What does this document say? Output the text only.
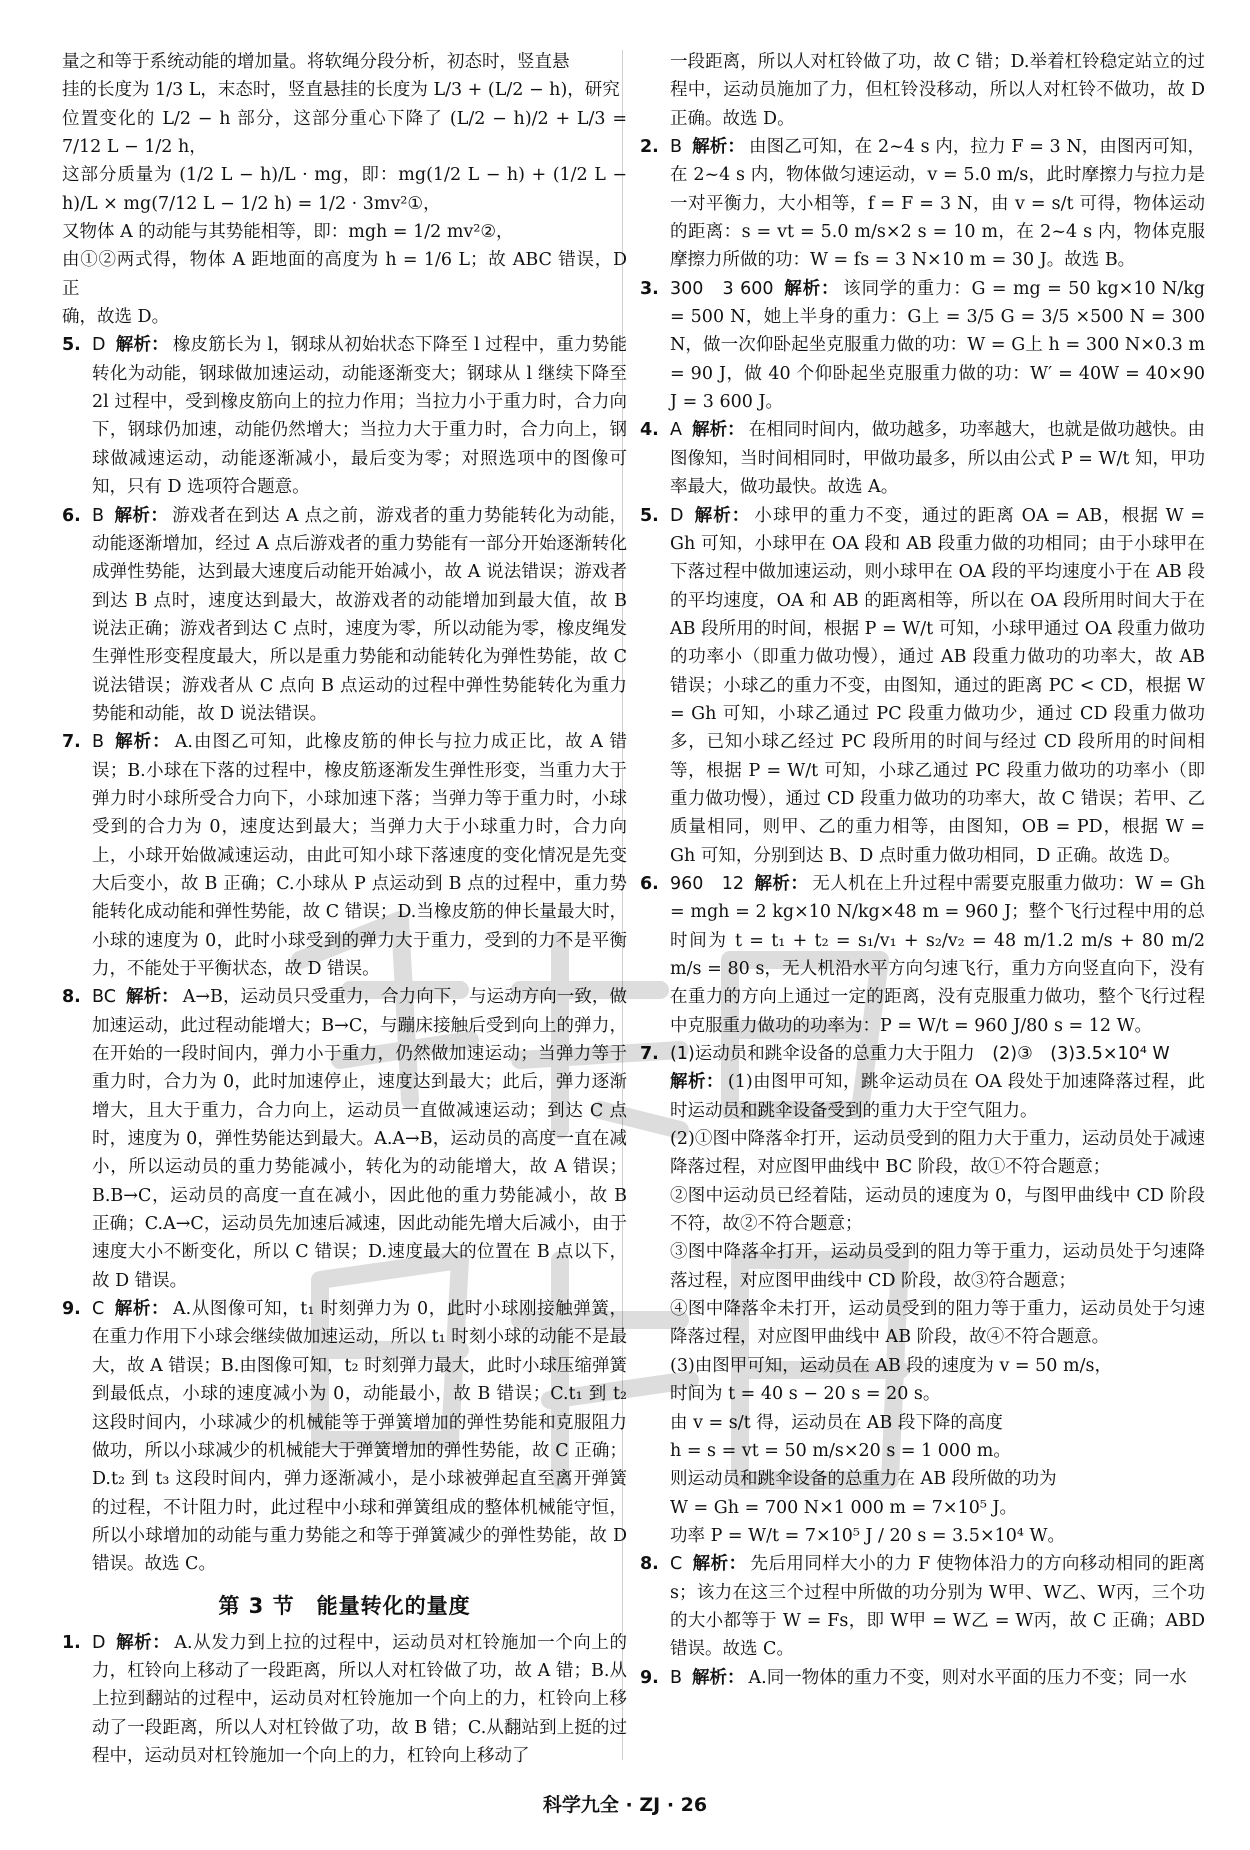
量之和等于系统动能的增加量。将软绳分段分析，初态时，竖直悬

挂的长度为 1/3 L，末态时，竖直悬挂的长度为 L/3 + (L/2 − h)，研究

位置变化的 L/2 − h 部分，这部分重心下降了 (L/2 − h)/2 + L/3 = 7/12 L − 1/2 h，

这部分质量为 (1/2 L − h)/L · mg，即：mg(1/2 L − h) + (1/2 L − h)/L × mg(7/12 L − 1/2 h) = 1/2 · 3mv²①，

又物体 A 的动能与其势能相等，即：mgh = 1/2 mv²②，

由①②两式得，物体 A 距地面的高度为 h = 1/6 L；故 ABC 错误，D 正

确，故选 D。

5. D 解析： 橡皮筋长为 l，钢球从初始状态下降至 l 过程中，重力势能转化为动能，钢球做加速运动，动能逐渐变大；钢球从 l 继续下降至 2l 过程中，受到橡皮筋向上的拉力作用；当拉力小于重力时，合力向下，钢球仍加速，动能仍然增大；当拉力大于重力时，合力向上，钢球做减速运动，动能逐渐减小，最后变为零；对照选项中的图像可知，只有 D 选项符合题意。
6. B 解析： 游戏者在到达 A 点之前，游戏者的重力势能转化为动能，动能逐渐增加，经过 A 点后游戏者的重力势能有一部分开始逐渐转化成弹性势能，达到最大速度后动能开始减小，故 A 说法错误；游戏者到达 B 点时，速度达到最大，故游戏者的动能增加到最大值，故 B 说法正确；游戏者到达 C 点时，速度为零，所以动能为零，橡皮绳发生弹性形变程度最大，所以是重力势能和动能转化为弹性势能，故 C 说法错误；游戏者从 C 点向 B 点运动的过程中弹性势能转化为重力势能和动能，故 D 说法错误。
7. B 解析： A.由图乙可知，此橡皮筋的伸长与拉力成正比，故 A 错误；B.小球在下落的过程中，橡皮筋逐渐发生弹性形变，当重力大于弹力时小球所受合力向下，小球加速下落；当弹力等于重力时，小球受到的合力为 0，速度达到最大；当弹力大于小球重力时，合力向上，小球开始做减速运动，由此可知小球下落速度的变化情况是先变大后变小，故 B 正确；C.小球从 P 点运动到 B 点的过程中，重力势能转化成动能和弹性势能，故 C 错误；D.当橡皮筋的伸长量最大时，小球的速度为 0，此时小球受到的弹力大于重力，受到的力不是平衡力，不能处于平衡状态，故 D 错误。
8. BC 解析： A→B，运动员只受重力，合力向下，与运动方向一致，做加速运动，此过程动能增大；B→C，与蹦床接触后受到向上的弹力，在开始的一段时间内，弹力小于重力，仍然做加速运动；当弹力等于重力时，合力为 0，此时加速停止，速度达到最大；此后，弹力逐渐增大，且大于重力，合力向上，运动员一直做减速运动；到达 C 点时，速度为 0，弹性势能达到最大。A.A→B，运动员的高度一直在减小，所以运动员的重力势能减小，转化为的动能增大，故 A 错误；B.B→C，运动员的高度一直在减小，因此他的重力势能减小，故 B 正确；C.A→C，运动员先加速后减速，因此动能先增大后减小，由于速度大小不断变化，所以 C 错误；D.速度最大的位置在 B 点以下，故 D 错误。
9. C 解析： A.从图像可知，t₁ 时刻弹力为 0，此时小球刚接触弹簧，在重力作用下小球会继续做加速运动，所以 t₁ 时刻小球的动能不是最大，故 A 错误；B.由图像可知，t₂ 时刻弹力最大，此时小球压缩弹簧到最低点，小球的速度减小为 0，动能最小，故 B 错误；C.t₁ 到 t₂ 这段时间内，小球减少的机械能等于弹簧增加的弹性势能和克服阻力做功，所以小球减少的机械能大于弹簧增加的弹性势能，故 C 正确；D.t₂ 到 t₃ 这段时间内，弹力逐渐减小，是小球被弹起直至离开弹簧的过程，不计阻力时，此过程中小球和弹簧组成的整体机械能守恒，所以小球增加的动能与重力势能之和等于弹簧减少的弹性势能，故 D 错误。故选 C。
第 3 节　能量转化的量度
1. D 解析： A.从发力到上拉的过程中，运动员对杠铃施加一个向上的力，杠铃向上移动了一段距离，所以人对杠铃做了功，故 A 错；B.从上拉到翻站的过程中，运动员对杠铃施加一个向上的力，杠铃向上移动了一段距离，所以人对杠铃做了功，故 B 错；C.从翻站到上挺的过程中，运动员对杠铃施加一个向上的力，杠铃向上移动了

一段距离，所以人对杠铃做了功，故 C 错；D.举着杠铃稳定站立的过程中，运动员施加了力，但杠铃没移动，所以人对杠铃不做功，故 D 正确。故选 D。

2. B 解析： 由图乙可知，在 2~4 s 内，拉力 F = 3 N，由图丙可知，在 2~4 s 内，物体做匀速运动，v = 5.0 m/s，此时摩擦力与拉力是一对平衡力，大小相等，f = F = 3 N，由 v = s/t 可得，物体运动的距离：s = vt = 5.0 m/s×2 s = 10 m，在 2~4 s 内，物体克服摩擦力所做的功：W = fs = 3 N×10 m = 30 J。故选 B。
3. 300　3 600 解析： 该同学的重力：G = mg = 50 kg×10 N/kg = 500 N，她上半身的重力：G上 = 3/5 G = 3/5 ×500 N = 300 N，做一次仰卧起坐克服重力做的功：W = G上 h = 300 N×0.3 m = 90 J，做 40 个仰卧起坐克服重力做的功：W′ = 40W = 40×90 J = 3 600 J。
4. A 解析： 在相同时间内，做功越多，功率越大，也就是做功越快。由图像知，当时间相同时，甲做功最多，所以由公式 P = W/t 知，甲功率最大，做功最快。故选 A。
5. D 解析： 小球甲的重力不变，通过的距离 OA = AB，根据 W = Gh 可知，小球甲在 OA 段和 AB 段重力做的功相同；由于小球甲在下落过程中做加速运动，则小球甲在 OA 段的平均速度小于在 AB 段的平均速度，OA 和 AB 的距离相等，所以在 OA 段所用时间大于在 AB 段所用的时间，根据 P = W/t 可知，小球甲通过 OA 段重力做功的功率小（即重力做功慢），通过 AB 段重力做功的功率大，故 AB 错误；小球乙的重力不变，由图知，通过的距离 PC < CD，根据 W = Gh 可知，小球乙通过 PC 段重力做功少，通过 CD 段重力做功多，已知小球乙经过 PC 段所用的时间与经过 CD 段所用的时间相等，根据 P = W/t 可知，小球乙通过 PC 段重力做功的功率小（即重力做功慢），通过 CD 段重力做功的功率大，故 C 错误；若甲、乙质量相同，则甲、乙的重力相等，由图知，OB = PD，根据 W = Gh 可知，分别到达 B、D 点时重力做功相同，D 正确。故选 D。
6. 960　12 解析： 无人机在上升过程中需要克服重力做功：W = Gh = mgh = 2 kg×10 N/kg×48 m = 960 J；整个飞行过程中用的总时间为 t = t₁ + t₂ = s₁/v₁ + s₂/v₂ = 48 m/1.2 m/s + 80 m/2 m/s = 80 s，无人机沿水平方向匀速飞行，重力方向竖直向下，没有在重力的方向上通过一定的距离，没有克服重力做功，整个飞行过程中克服重力做功的功率为：P = W/t = 960 J/80 s = 12 W。
7. (1)运动员和跳伞设备的总重力大于阻力　(2)③　(3)3.5×10⁴ W
解析： (1)由图甲可知，跳伞运动员在 OA 段处于加速降落过程，此时运动员和跳伞设备受到的重力大于空气阻力。

(2)①图中降落伞打开，运动员受到的阻力大于重力，运动员处于减速降落过程，对应图甲曲线中 BC 阶段，故①不符合题意；

②图中运动员已经着陆，运动员的速度为 0，与图甲曲线中 CD 阶段不符，故②不符合题意；

③图中降落伞打开，运动员受到的阻力等于重力，运动员处于匀速降落过程，对应图甲曲线中 CD 阶段，故③符合题意；

④图中降落伞未打开，运动员受到的阻力等于重力，运动员处于匀速降落过程，对应图甲曲线中 AB 阶段，故④不符合题意。

(3)由图甲可知，运动员在 AB 段的速度为 v = 50 m/s，

时间为 t = 40 s − 20 s = 20 s。

由 v = s/t 得，运动员在 AB 段下降的高度

h = s = vt = 50 m/s×20 s = 1 000 m。

则运动员和跳伞设备的总重力在 AB 段所做的功为

W = Gh = 700 N×1 000 m = 7×10⁵ J。

功率 P = W/t = 7×10⁵ J / 20 s = 3.5×10⁴ W。

8. C 解析： 先后用同样大小的力 F 使物体沿力的方向移动相同的距离 s；该力在这三个过程中所做的功分别为 W甲、W乙、W丙，三个功的大小都等于 W = Fs，即 W甲 = W乙 = W丙，故 C 正确；ABD 错误。故选 C。
9. B 解析： A.同一物体的重力不变，则对水平面的压力不变；同一水
科学九全 · ZJ · 26
